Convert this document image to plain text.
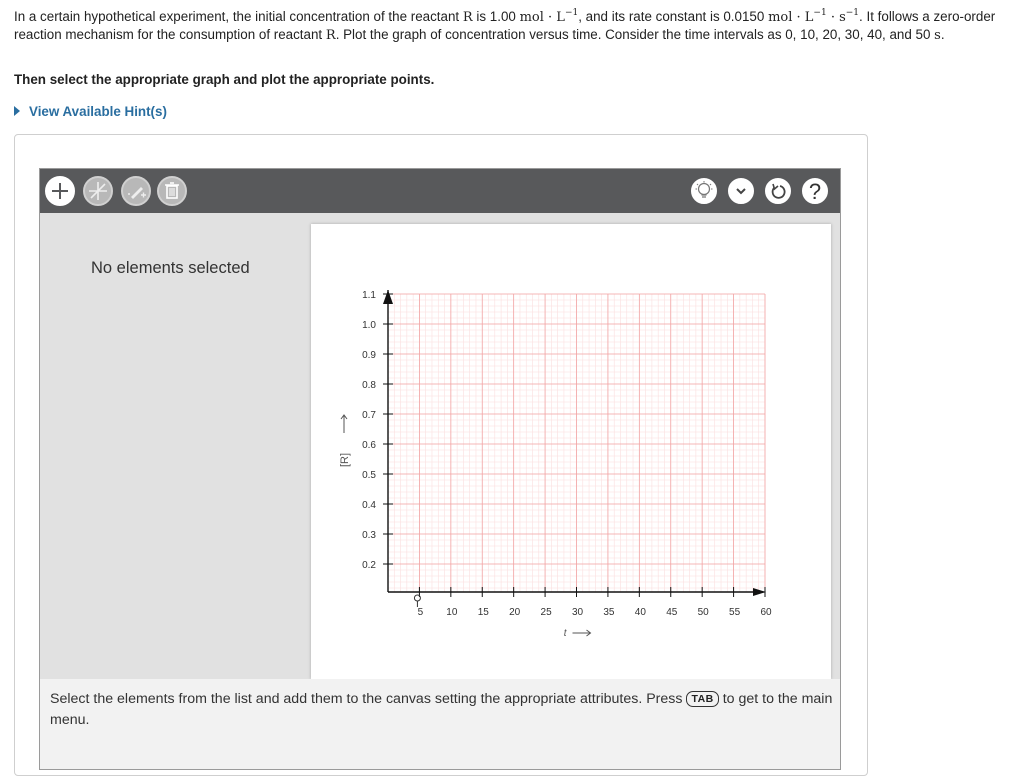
In a certain hypothetical experiment, the initial concentration of the reactant R is 1.00 mol · $L^{-1}$, and its rate constant is 0.0150 mol · $L^{-1} \cdot s^{-1}$. It follows a zero-order reaction mechanism for the consumption of reactant R. Plot the graph of concentration versus time. Consider the time intervals as 0, 10, 20, 30, 40, and 50 s.
Then select the appropriate graph and plot the appropriate points.
View Available Hint(s)
?
No elements selected
1.1
1.0
0.9
0.8
0.7
0.6
0.5
0.4
0.3
0.2
5 10 15 20 25 30 35 40 45 50 55 60
t
[R]

Select the elements from the list and add them to the canvas setting the appropriate attributes. Press TAB to get to the main menu.
